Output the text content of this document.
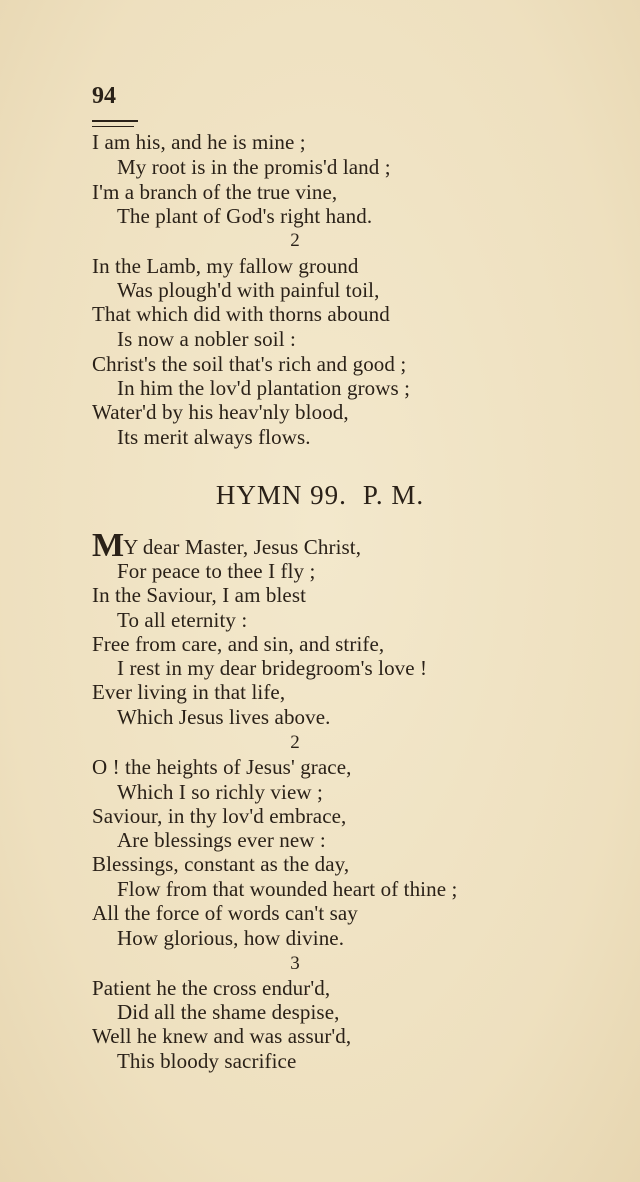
94
I am his, and he is mine ;
My root is in the promis'd land ;
I'm a branch of the true vine,
The plant of God's right hand.
2
In the Lamb, my fallow ground
Was plough'd with painful toil,
That which did with thorns abound
Is now a nobler soil :
Christ's the soil that's rich and good ;
In him the lov'd plantation grows ;
Water'd by his heav'nly blood,
Its merit always flows.
HYMN 99. P. M.
MY dear Master, Jesus Christ,
For peace to thee I fly ;
In the Saviour, I am blest
To all eternity :
Free from care, and sin, and strife,
I rest in my dear bridegroom's love !
Ever living in that life,
Which Jesus lives above.
2
O ! the heights of Jesus' grace,
Which I so richly view ;
Saviour, in thy lov'd embrace,
Are blessings ever new :
Blessings, constant as the day,
Flow from that wounded heart of thine ;
All the force of words can't say
How glorious, how divine.
3
Patient he the cross endur'd,
Did all the shame despise,
Well he knew and was assur'd,
This bloody sacrifice
